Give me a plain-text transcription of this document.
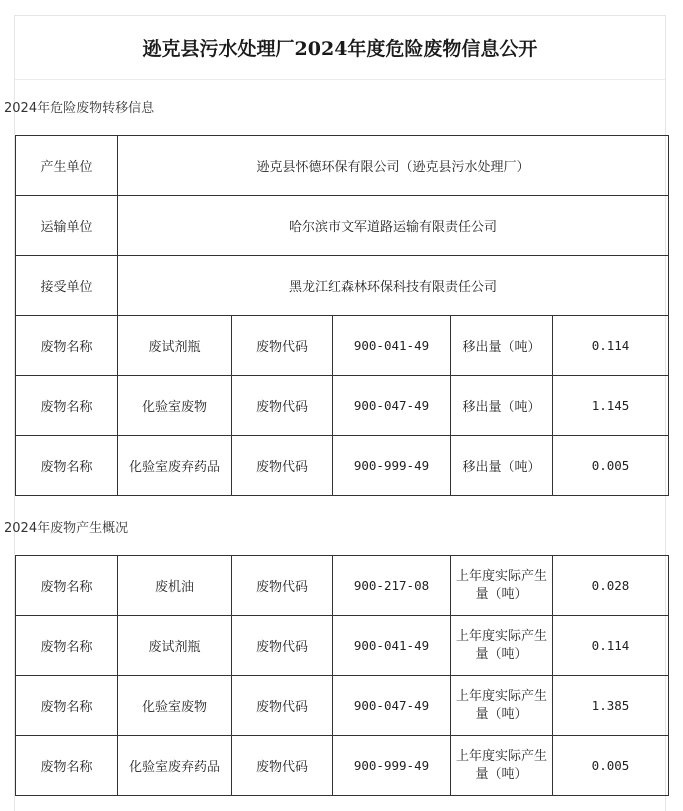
逊克县污水处理厂2024年度危险废物信息公开
2024年危险废物转移信息
产生单位	逊克县怀德环保有限公司（逊克县污水处理厂）				
运输单位	哈尔滨市文军道路运输有限责任公司				
接受单位	黑龙江红森林环保科技有限责任公司				
废物名称	废试剂瓶	废物代码	900-041-49	移出量（吨）	0.114
废物名称	化验室废物	废物代码	900-047-49	移出量（吨）	1.145
废物名称	化验室废弃药品	废物代码	900-999-49	移出量（吨）	0.005
2024年废物产生概况
废物名称	废机油	废物代码	900-217-08	上年度实际产生量（吨）	0.028
废物名称	废试剂瓶	废物代码	900-041-49	上年度实际产生量（吨）	0.114
废物名称	化验室废物	废物代码	900-047-49	上年度实际产生量（吨）	1.385
废物名称	化验室废弃药品	废物代码	900-999-49	上年度实际产生量（吨）	0.005
